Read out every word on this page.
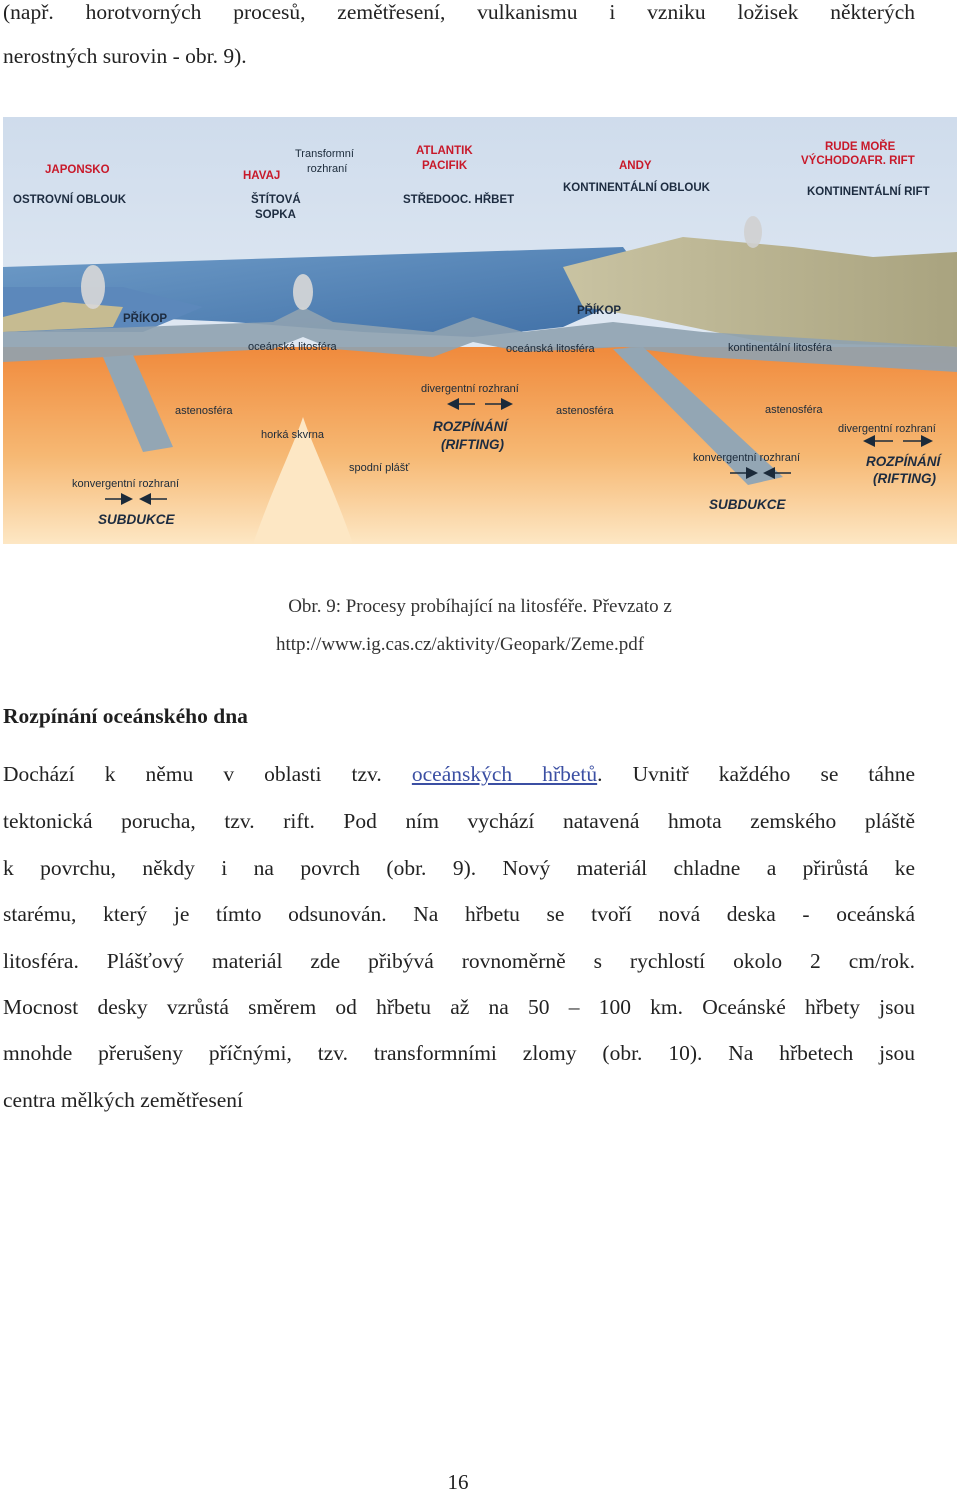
(např. horotvorných procesů, zemětřesení, vulkanismu i vzniku ložisek některých
nerostných surovin - obr. 9).
JAPONSKO
OSTROVNÍ OBLOUK
HAVAJ
ŠTÍTOVÁ
SOPKA
Transformní
rozhraní
ATLANTIK
PACIFIK
STŘEDOOC. HŘBET
ANDY
KONTINENTÁLNÍ OBLOUK
RUDE MOŘE
VÝCHODOAFR. RIFT
KONTINENTÁLNÍ RIFT
PŘÍKOP
PŘÍKOP
oceánská litosféra	oceánská litosféra	kontinentální litosféra
astenosféra	astenosféra	astenosféra
horká skvrna
spodní plášť
divergentní rozhraní
ROZPÍNÁNÍ
(RIFTING)
divergentní rozhraní
ROZPÍNÁNÍ
(RIFTING)
konvergentní rozhraní
SUBDUKCE
konvergentní rozhraní
SUBDUKCE
Obr. 9: Procesy probíhající na litosféře. Převzato z
http://www.ig.cas.cz/aktivity/Geopark/Zeme.pdf
Rozpínání oceánského dna
Dochází k němu v oblasti tzv. oceánských hřbetů. Uvnitř každého se táhne
tektonická porucha, tzv. rift. Pod ním vychází natavená hmota zemského pláště
k povrchu, někdy i na povrch (obr. 9). Nový materiál chladne a přirůstá ke
starému, který je tímto odsunován. Na hřbetu se tvoří nová deska - oceánská
litosféra. Plášťový materiál zde přibývá rovnoměrně s rychlostí okolo 2 cm/rok.
Mocnost desky vzrůstá směrem od hřbetu až na 50 – 100 km. Oceánské hřbety jsou
mnohde přerušeny příčnými, tzv. transformními zlomy (obr. 10). Na hřbetech jsou
centra mělkých zemětřesení
16
